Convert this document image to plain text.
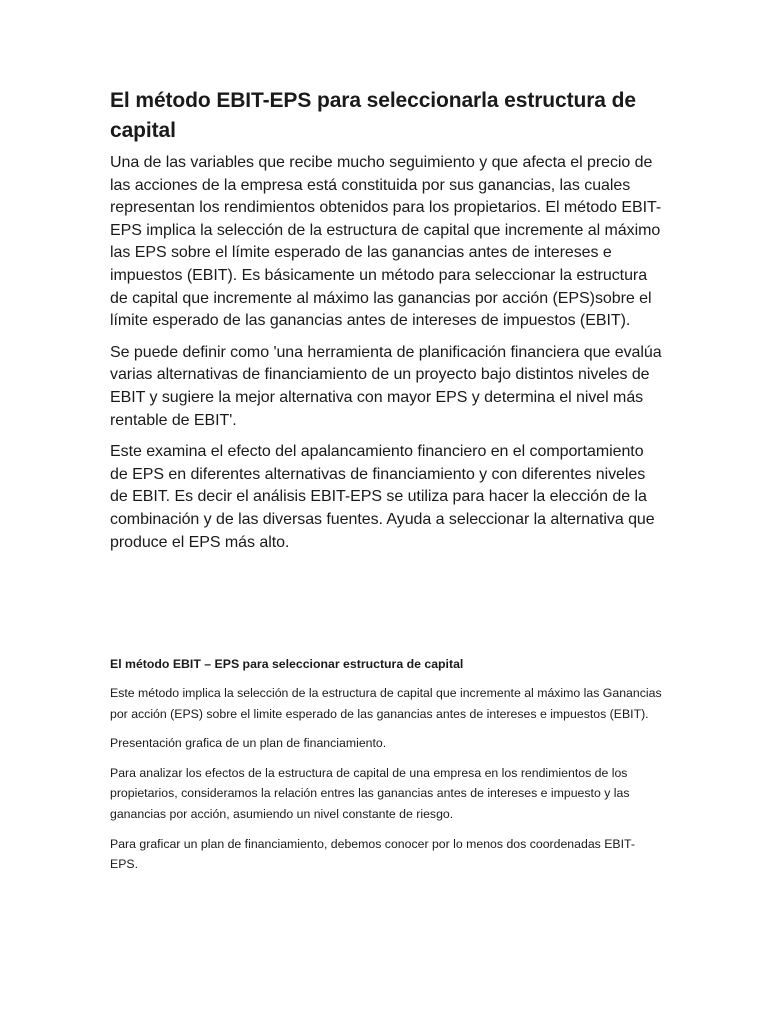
El método EBIT-EPS para seleccionarla estructura de capital

Una de las variables que recibe mucho seguimiento y que afecta el precio de las acciones de la empresa está constituida por sus ganancias, las cuales representan los rendimientos obtenidos para los propietarios. El método EBIT-EPS implica la selección de la estructura de capital que incremente al máximo las EPS sobre el límite esperado de las ganancias antes de intereses e impuestos (EBIT). Es básicamente un método para seleccionar la estructura de capital que incremente al máximo las ganancias por acción (EPS)sobre el límite esperado de las ganancias antes de intereses de impuestos (EBIT).

Se puede definir como 'una herramienta de planificación financiera que evalúa varias alternativas de financiamiento de un proyecto bajo distintos niveles de EBIT y sugiere la mejor alternativa con mayor EPS y determina el nivel más rentable de EBIT'.

Este examina el efecto del apalancamiento financiero en el comportamiento de EPS en diferentes alternativas de financiamiento y con diferentes niveles de EBIT. Es decir el análisis EBIT-EPS se utiliza para hacer la elección de la combinación y de las diversas fuentes. Ayuda a seleccionar la alternativa que produce el EPS más alto.

El método EBIT – EPS para seleccionar estructura de capital

Este método implica la selección de la estructura de capital que incremente al máximo las Ganancias por acción (EPS) sobre el limite esperado de las ganancias antes de intereses e impuestos (EBIT).

Presentación grafica de un plan de financiamiento.

Para analizar los efectos de la estructura de capital de una empresa en los rendimientos de los propietarios, consideramos la relación entres las ganancias antes de intereses e impuesto y las ganancias por acción, asumiendo un nivel constante de riesgo.

Para graficar un plan de financiamiento, debemos conocer por lo menos dos coordenadas EBIT-EPS.
